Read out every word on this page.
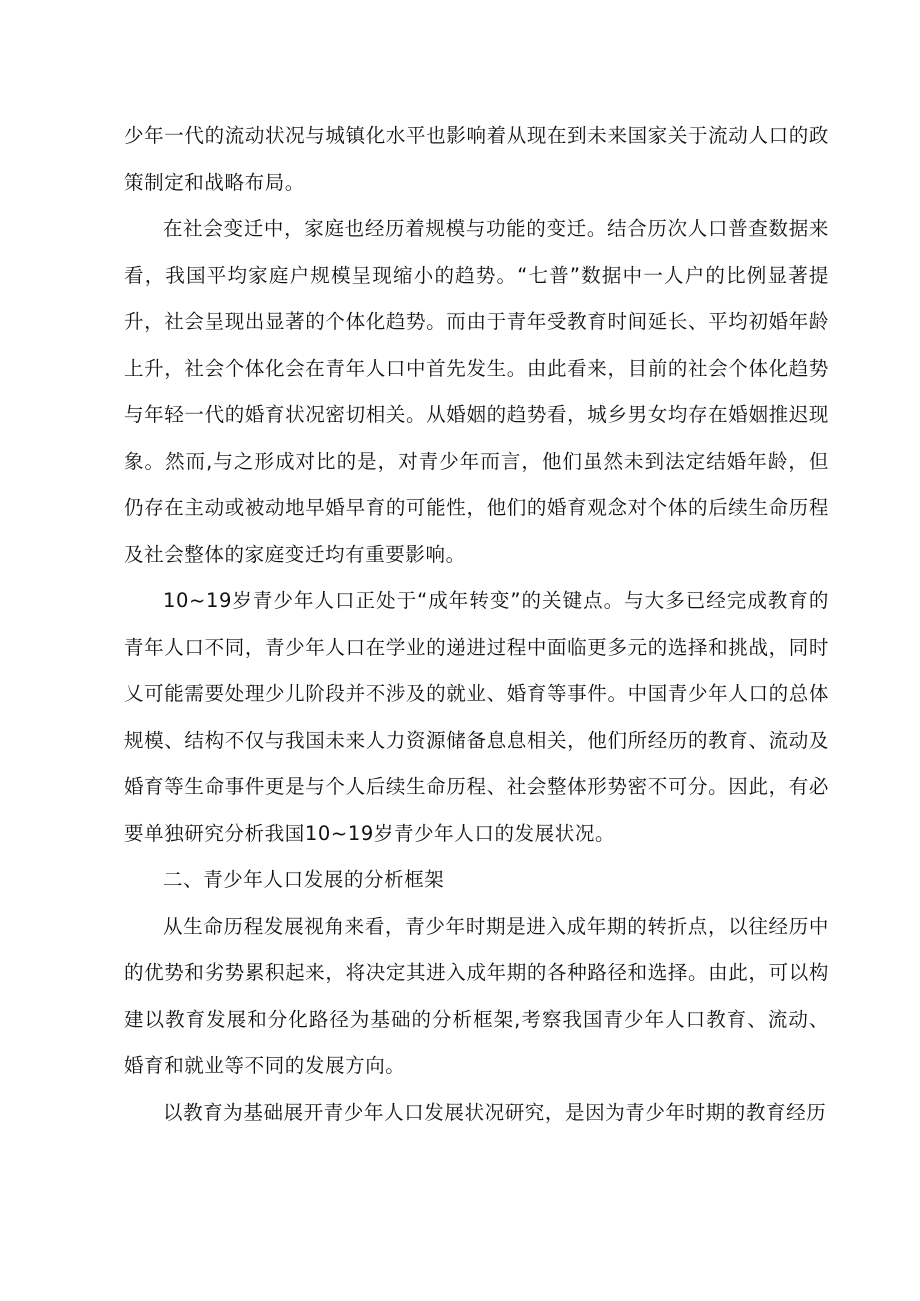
少年一代的流动状况与城镇化水平也影响着从现在到未来国家关于流动人口的政策制定和战略布局。

在社会变迁中，家庭也经历着规模与功能的变迁。结合历次人口普查数据来看，我国平均家庭户规模呈现缩小的趋势。“七普”数据中一人户的比例显著提升，社会呈现出显著的个体化趋势。而由于青年受教育时间延长、平均初婚年龄上升，社会个体化会在青年人口中首先发生。由此看来，目前的社会个体化趋势与年轻一代的婚育状况密切相关。从婚姻的趋势看，城乡男女均存在婚姻推迟现象。然而,与之形成对比的是，对青少年而言，他们虽然未到法定结婚年龄，但仍存在主动或被动地早婚早育的可能性，他们的婚育观念对个体的后续生命历程及社会整体的家庭变迁均有重要影响。

10~19岁青少年人口正处于“成年转变”的关键点。与大多已经完成教育的青年人口不同，青少年人口在学业的递进过程中面临更多元的选择和挑战，同时乂可能需要处理少儿阶段并不涉及的就业、婚育等事件。中国青少年人口的总体规模、结构不仅与我国未来人力资源储备息息相关，他们所经历的教育、流动及婚育等生命事件更是与个人后续生命历程、社会整体形势密不可分。因此，有必要单独研究分析我国10~19岁青少年人口的发展状况。

二、青少年人口发展的分析框架

从生命历程发展视角来看，青少年时期是进入成年期的转折点，以往经历中的优势和劣势累积起来，将决定其进入成年期的各种路径和选择。由此，可以构建以教育发展和分化路径为基础的分析框架,考察我国青少年人口教育、流动、婚育和就业等不同的发展方向。

以教育为基础展开青少年人口发展状况研究，是因为青少年时期的教育经历
